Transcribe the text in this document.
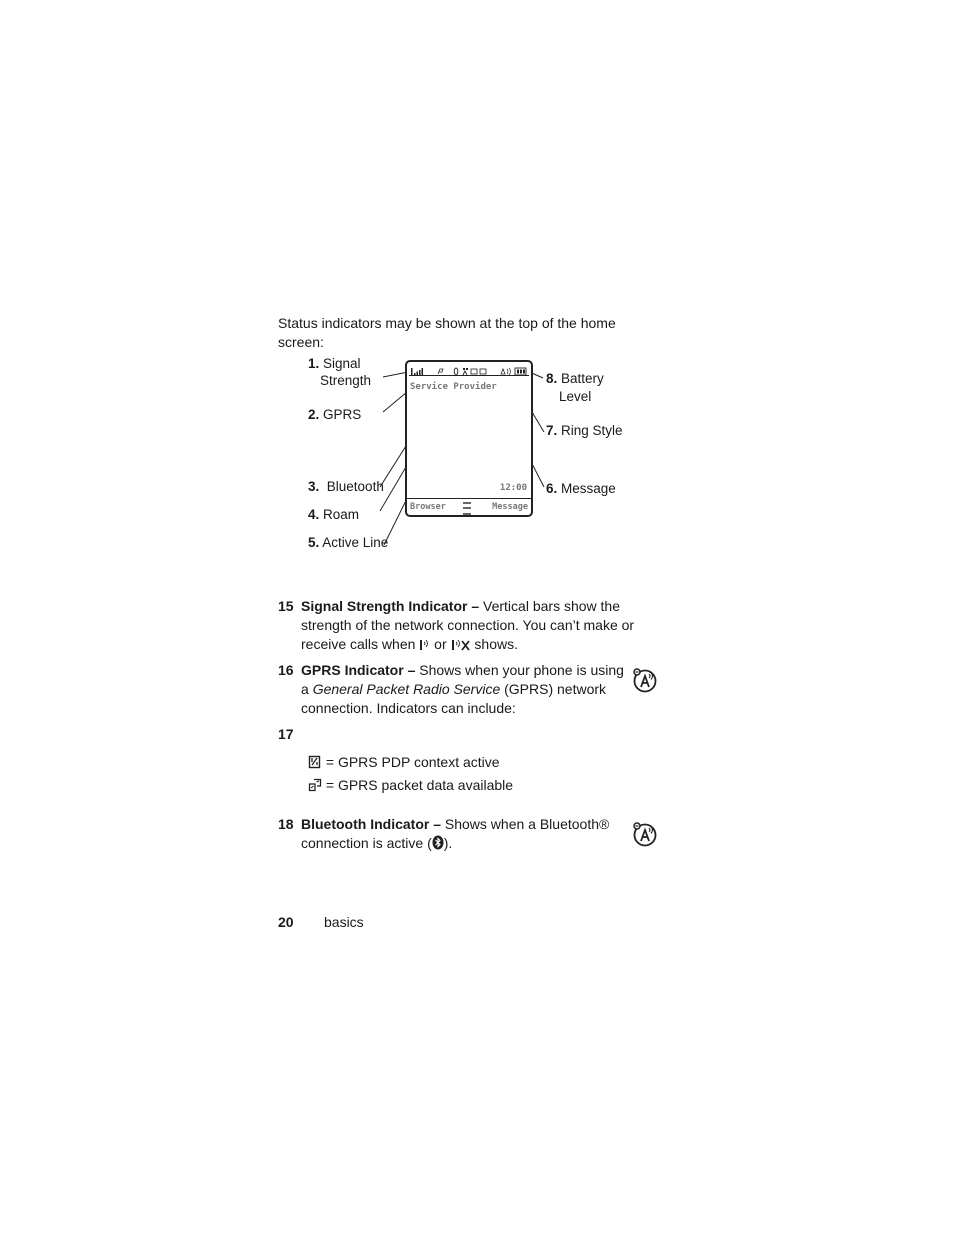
Status indicators may be shown at the top of the home screen:
Service Provider
12:00
Browser	Message
1. Signal
Strength
2. GPRS
3. Bluetooth
4. Roam
5. Active Line
8. Battery
Level
7. Ring Style
6. Message
15 Signal Strength Indicator – Vertical bars show the strength of the network connection. You can’t make or receive calls when  or  shows.
16 GPRS Indicator – Shows when your phone is using a General Packet Radio Service (GPRS) network connection. Indicators can include:
17
= GPRS PDP context active
= GPRS packet data available
18 Bluetooth Indicator – Shows when a Bluetooth® connection is active ( ).
20 basics
